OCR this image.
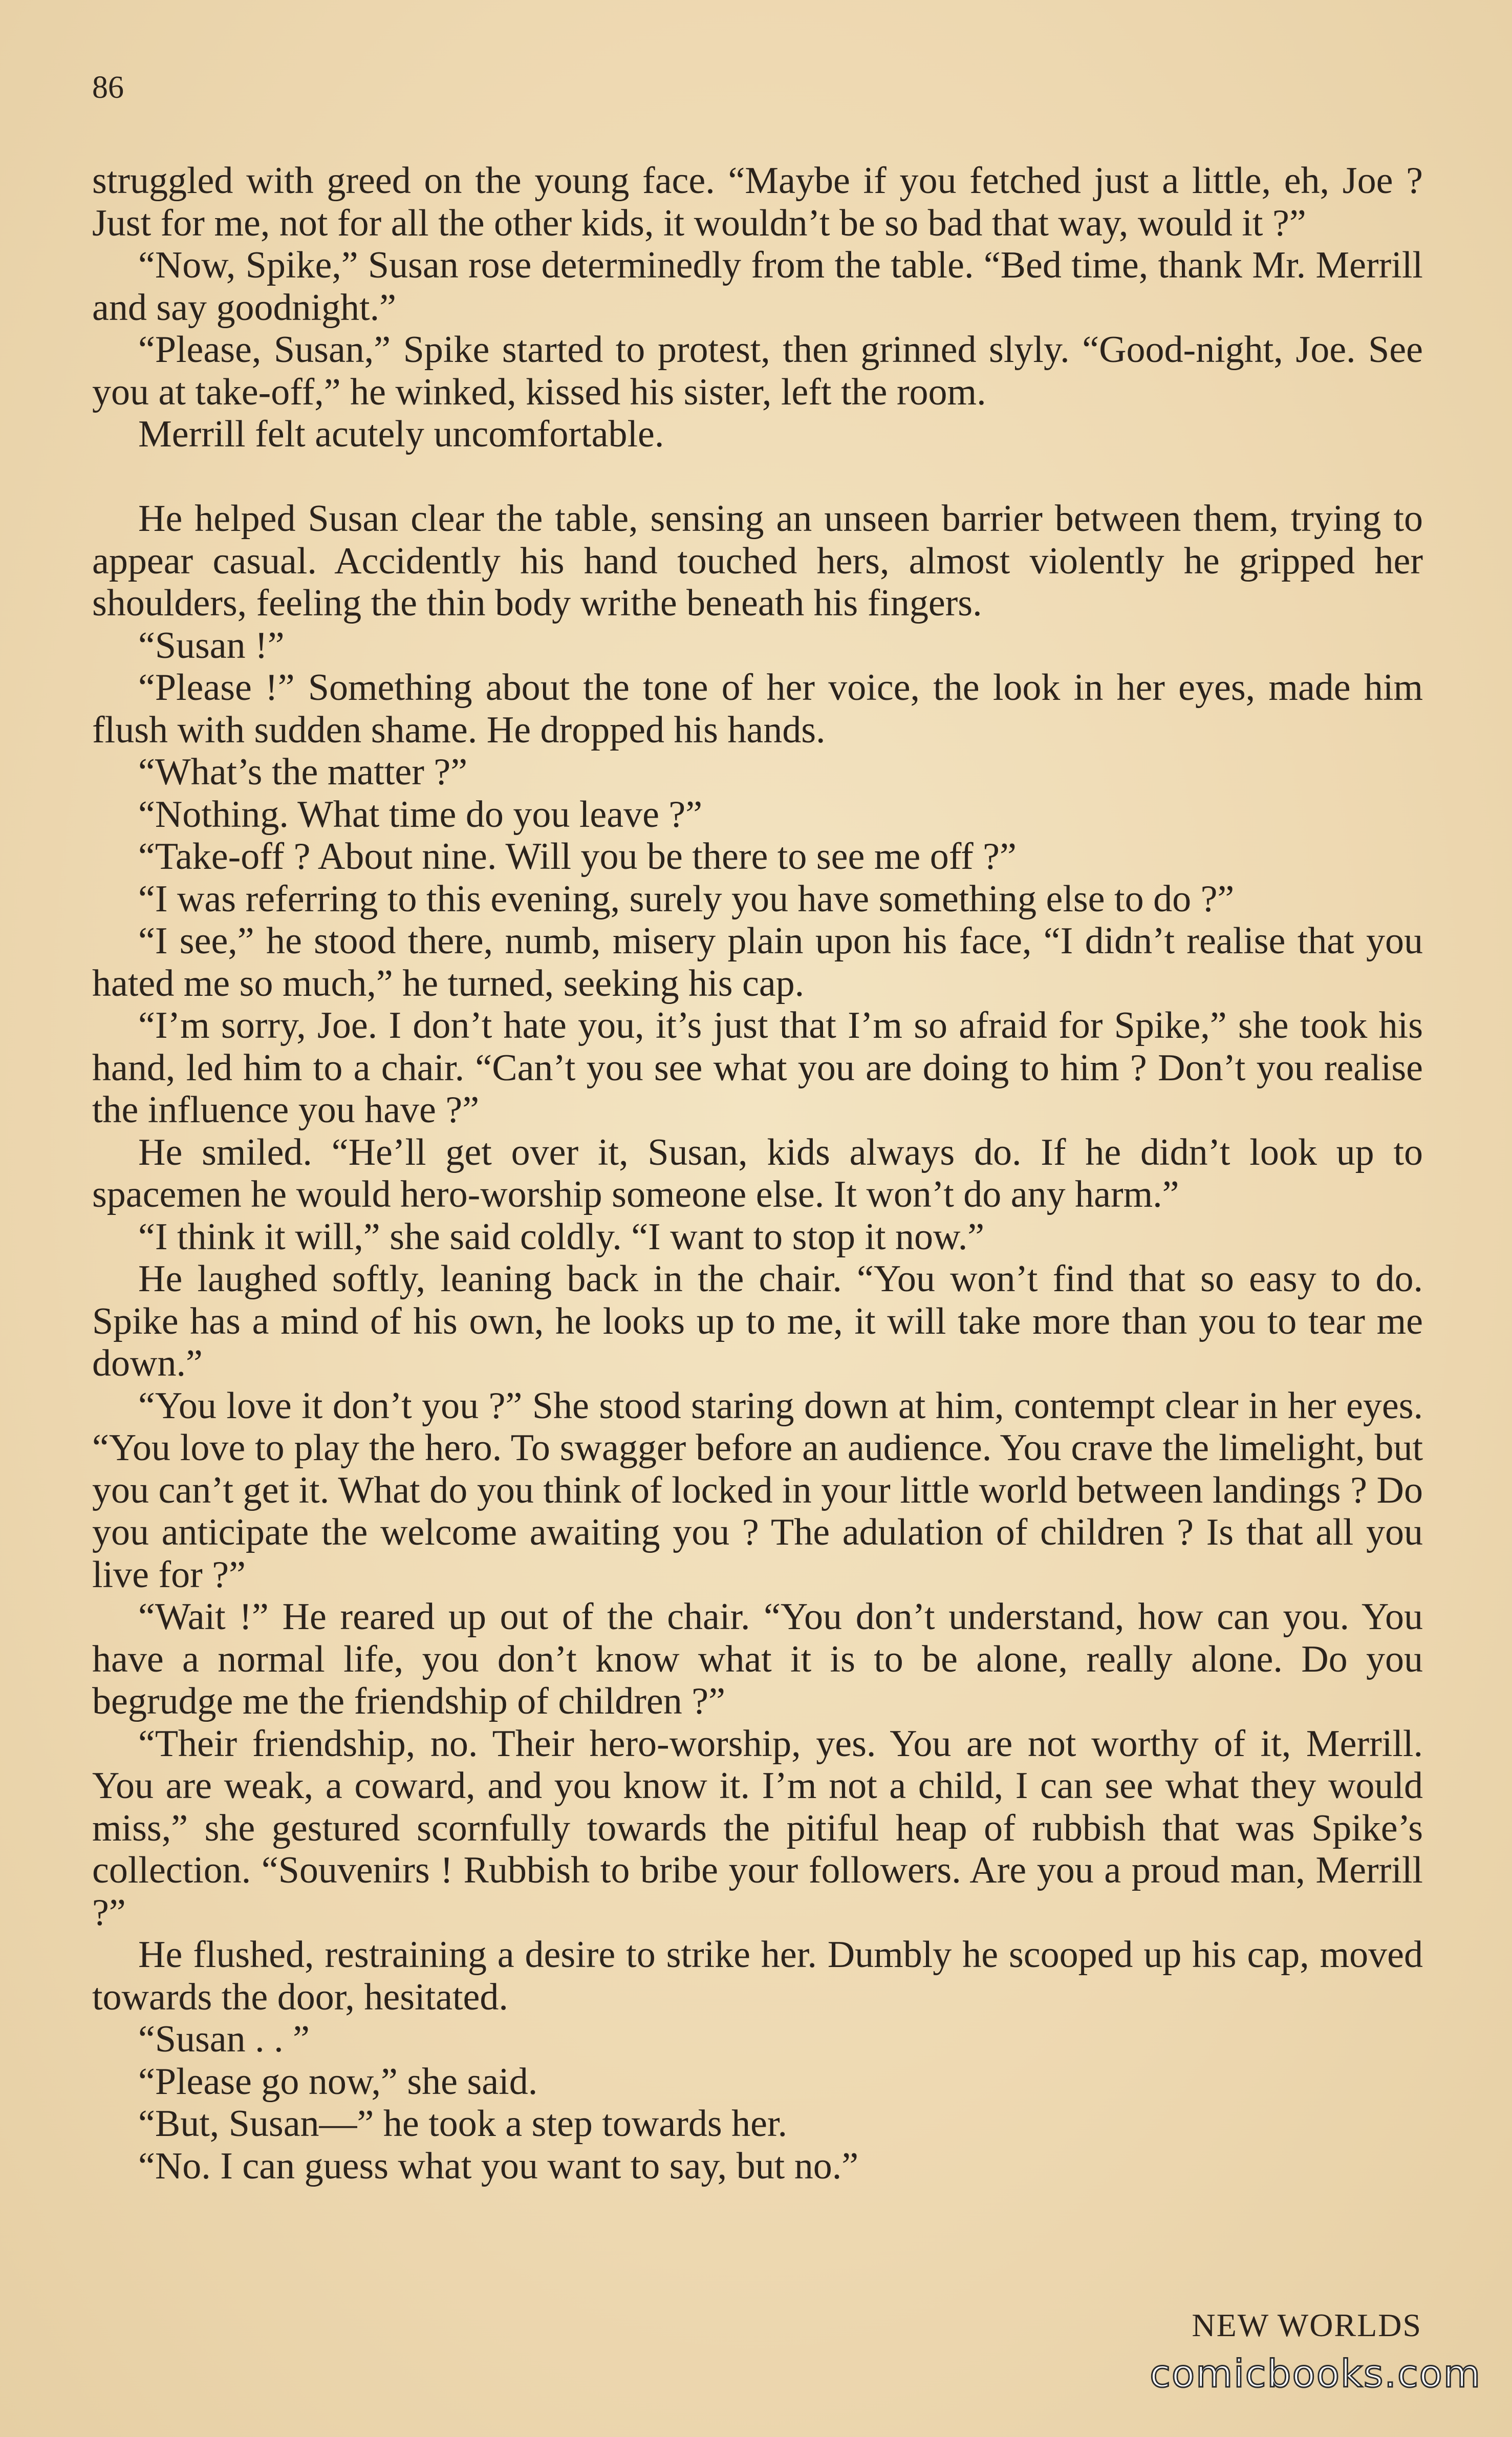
86

struggled with greed on the young face. “Maybe if you fetched just a little, eh, Joe ? Just for me, not for all the other kids, it wouldn’t be so bad that way, would it ?”

“Now, Spike,” Susan rose determinedly from the table. “Bed time, thank Mr. Merrill and say goodnight.”

“Please, Susan,” Spike started to protest, then grinned slyly. “Good-night, Joe. See you at take-off,” he winked, kissed his sister, left the room.

Merrill felt acutely uncomfortable.

He helped Susan clear the table, sensing an unseen barrier between them, trying to appear casual. Accidently his hand touched hers, almost violently he gripped her shoulders, feeling the thin body writhe beneath his fingers.

“Susan !”

“Please !” Something about the tone of her voice, the look in her eyes, made him flush with sudden shame. He dropped his hands.

“What’s the matter ?”

“Nothing. What time do you leave ?”

“Take-off ? About nine. Will you be there to see me off ?”

“I was referring to this evening, surely you have something else to do ?”

“I see,” he stood there, numb, misery plain upon his face, “I didn’t realise that you hated me so much,” he turned, seeking his cap.

“I’m sorry, Joe. I don’t hate you, it’s just that I’m so afraid for Spike,” she took his hand, led him to a chair. “Can’t you see what you are doing to him ? Don’t you realise the influence you have ?”

He smiled. “He’ll get over it, Susan, kids always do. If he didn’t look up to spacemen he would hero-worship someone else. It won’t do any harm.”

“I think it will,” she said coldly. “I want to stop it now.”

He laughed softly, leaning back in the chair. “You won’t find that so easy to do. Spike has a mind of his own, he looks up to me, it will take more than you to tear me down.”

“You love it don’t you ?” She stood staring down at him, contempt clear in her eyes. “You love to play the hero. To swagger before an audience. You crave the limelight, but you can’t get it. What do you think of locked in your little world between landings ? Do you anticipate the welcome awaiting you ? The adulation of children ? Is that all you live for ?”

“Wait !” He reared up out of the chair. “You don’t understand, how can you. You have a normal life, you don’t know what it is to be alone, really alone. Do you begrudge me the friendship of children ?”

“Their friendship, no. Their hero-worship, yes. You are not worthy of it, Merrill. You are weak, a coward, and you know it. I’m not a child, I can see what they would miss,” she gestured scornfully towards the pitiful heap of rubbish that was Spike’s collection. “Souvenirs ! Rubbish to bribe your followers. Are you a proud man, Merrill ?”

He flushed, restraining a desire to strike her. Dumbly he scooped up his cap, moved towards the door, hesitated.

“Susan . . ”

“Please go now,” she said.

“But, Susan—” he took a step towards her.

“No. I can guess what you want to say, but no.”

NEW WORLDS
comicbooks.com
